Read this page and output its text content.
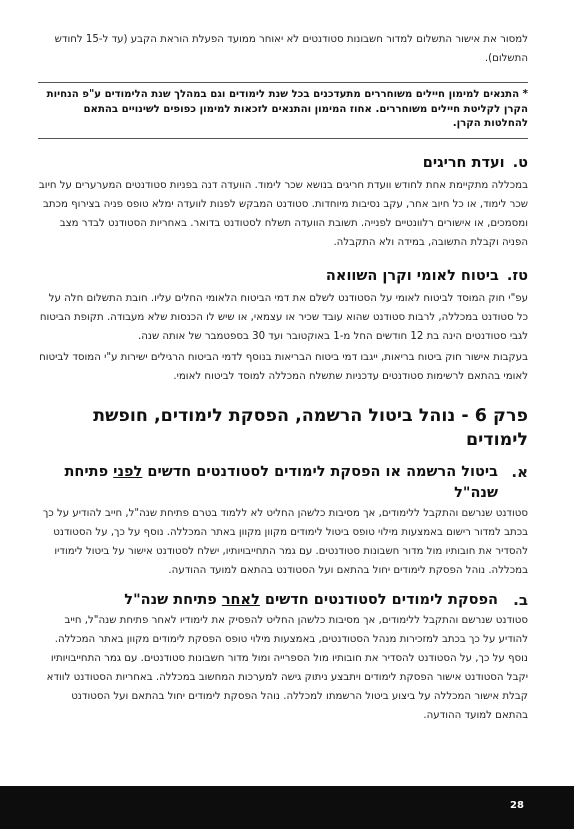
למסור את אישור התשלום למדור חשבונות סטודנטים לא יאוחר ממועד הפעלת הוראת הקבע (עד ל-15 לחודש התשלום).

* התנאים למימון חיילים משוחררים מתעדכנים בכל שנת לימודים וגם במהלך שנת הלימודים ע"פ הנחיות הקרן לקליטת חיילים משוחררים. אחוז המימון והתנאים לזכאות למימון כפופים לשינויים בהתאם להחלטות הקרן.

ט.ועדת חריגים

במכללה מתקיימת אחת לחודש וועדת חריגים בנושא שכר לימוד. הוועדה דנה בפניות סטודנטים המערערים על חיוב שכר לימוד, או כל חיוב אחר, עקב נסיבות מיוחדות. סטודנט המבקש לפנות לוועדה ימלא טופס פניה בצירוף מכתב ומסמכים, או אישורים רלוונטיים לפנייה. תשובת הוועדה תשלח לסטודנט בדואר. באחריות הסטודנט לבדר מצב הפניה וקבלת התשובה, במידה ולא התקבלה.

טז.ביטוח לאומי וקרן השוואה

עפ"י חוק המוסד לביטוח לאומי על הסטודנט לשלם את דמי הביטוח הלאומי החלים עליו. חובת התשלום חלה על כל סטודנט במכללה, לרבות סטודנט שהוא עובד שכיר או עצמאי, או שיש לו הכנסות שלא מעבודה. תקופת הביטוח לגבי סטודנטים הינה בת 12 חודשים החל מ-1 באוקטובר ועד 30 בספטמבר של אותה שנה.

בעקבות אישור חוק ביטוח בריאות, ייגבו דמי ביטוח הבריאות בנוסף לדמי הביטוח הרגילים ישירות ע"י המוסד לביטוח לאומי בהתאם לרשימות סטודנטים עדכניות שתשלח המכללה למוסד לביטוח לאומי.

פרק 6 - נוהל ביטול הרשמה, הפסקת לימודים, חופשת לימודים
א.
ביטול הרשמה או הפסקת לימודים לסטודנטים חדשים לפני פתיחת שנה"ל

סטודנט שנרשם והתקבל ללימודים, אך מסיבות כלשהן החליט לא ללמוד בטרם פתיחת שנה"ל, חייב להודיע על כך בכתב למדור רישום באמצעות מילוי טופס ביטול לימודים מקוון מקוון באתר המכללה. נוסף על כך, על הסטודנט להסדיר את חובותיו מול מדור חשבונות סטודנטים. עם גמר התחייבויותיו, ישלח לסטודנט אישור על ביטול לימודיו במכללה. נוהל הפסקת לימודים יחול בהתאם ועל הסטודנט בהתאם למועד ההודעה.

ב.
הפסקת לימודים לסטודנטים חדשים לאחר פתיחת שנה"ל

סטודנט שנרשם והתקבל ללימודים, אך מסיבות כלשהן החליט להפסיק את לימודיו לאחר פתיחת שנה"ל, חייב להודיע על כך בכתב למזכירות מנהל הסטודנטים, באמצעות מילוי טופס הפסקת לימודים מקוון באתר המכללה. נוסף על כך, על הסטודנט להסדיר את חובותיו מול הספרייה ומול מדור חשבונות סטודנטים. עם גמר התחייבויותיו יקבל הסטודנט אישור הפסקת לימודים ויתבצע ניתוק גישה למערכות המחשוב במכללה. באחריות הסטודנט לוודא קבלת אישור המכללה על ביצוע ביטול הרשמתו למכללה. נוהל הפסקת לימודים יחול בהתאם ועל הסטודנט בהתאם למועד ההודעה.

28
